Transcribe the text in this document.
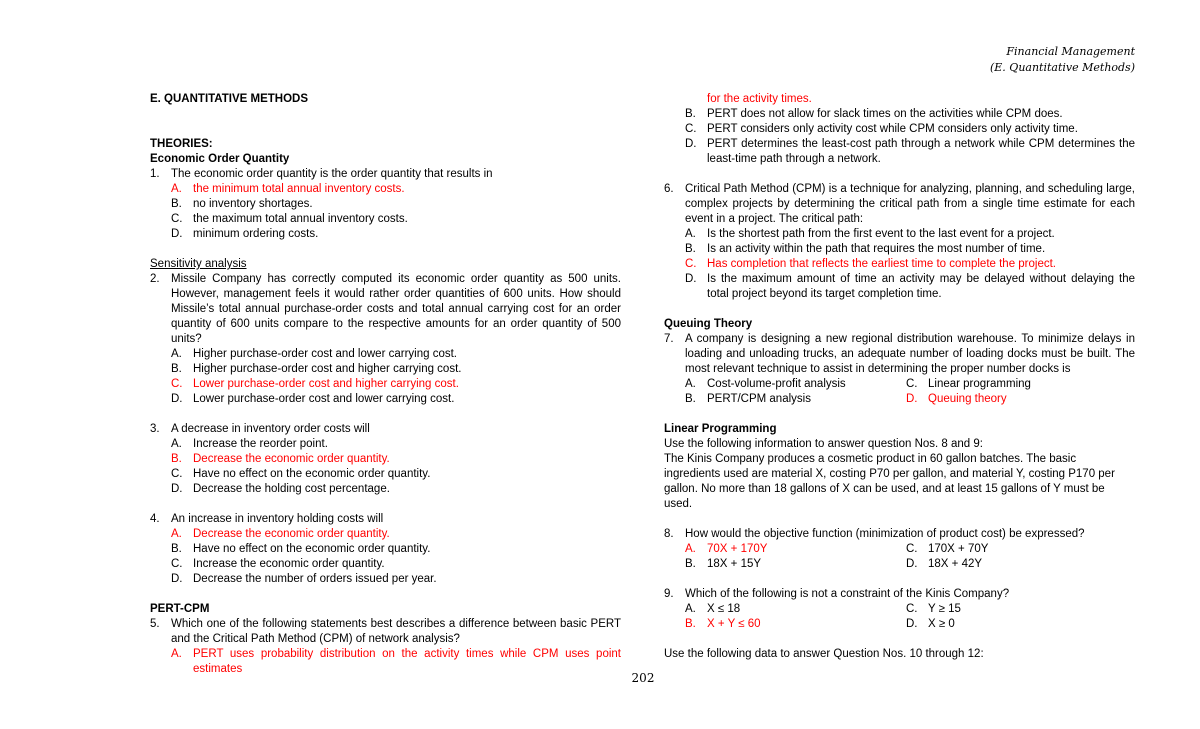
Financial Management
(E. Quantitative Methods)
E. QUANTITATIVE METHODS
THEORIES:
Economic Order Quantity
1. The economic order quantity is the order quantity that results in
A. the minimum total annual inventory costs.
B. no inventory shortages.
C. the maximum total annual inventory costs.
D. minimum ordering costs.
Sensitivity analysis
2. Missile Company has correctly computed its economic order quantity as 500 units. However, management feels it would rather order quantities of 600 units. How should Missile’s total annual purchase-order costs and total annual carrying cost for an order quantity of 600 units compare to the respective amounts for an order quantity of 500 units?
A. Higher purchase-order cost and lower carrying cost.
B. Higher purchase-order cost and higher carrying cost.
C. Lower purchase-order cost and higher carrying cost.
D. Lower purchase-order cost and lower carrying cost.
3. A decrease in inventory order costs will
A. Increase the reorder point.
B. Decrease the economic order quantity.
C. Have no effect on the economic order quantity.
D. Decrease the holding cost percentage.
4. An increase in inventory holding costs will
A. Decrease the economic order quantity.
B. Have no effect on the economic order quantity.
C. Increase the economic order quantity.
D. Decrease the number of orders issued per year.
PERT-CPM
5. Which one of the following statements best describes a difference between basic PERT and the Critical Path Method (CPM) of network analysis?
A. PERT uses probability distribution on the activity times while CPM uses point estimates
for the activity times.
B. PERT does not allow for slack times on the activities while CPM does.
C. PERT considers only activity cost while CPM considers only activity time.
D. PERT determines the least-cost path through a network while CPM determines the least-time path through a network.
6. Critical Path Method (CPM) is a technique for analyzing, planning, and scheduling large, complex projects by determining the critical path from a single time estimate for each event in a project. The critical path:
A. Is the shortest path from the first event to the last event for a project.
B. Is an activity within the path that requires the most number of time.
C. Has completion that reflects the earliest time to complete the project.
D. Is the maximum amount of time an activity may be delayed without delaying the total project beyond its target completion time.
Queuing Theory
7. A company is designing a new regional distribution warehouse. To minimize delays in loading and unloading trucks, an adequate number of loading docks must be built. The most relevant technique to assist in determining the proper number docks is
A. Cost-volume-profit analysis	C. Linear programming
B. PERT/CPM analysis	D. Queuing theory
Linear Programming
Use the following information to answer question Nos. 8 and 9:
The Kinis Company produces a cosmetic product in 60 gallon batches. The basic ingredients used are material X, costing P70 per gallon, and material Y, costing P170 per gallon. No more than 18 gallons of X can be used, and at least 15 gallons of Y must be used.
8. How would the objective function (minimization of product cost) be expressed?
A. 70X + 170Y	C. 170X + 70Y
B. 18X + 15Y	D. 18X + 42Y
9. Which of the following is not a constraint of the Kinis Company?
A. X ≤ 18	C. Y ≥ 15
B. X + Y ≤ 60	D. X ≥ 0
Use the following data to answer Question Nos. 10 through 12:
202
